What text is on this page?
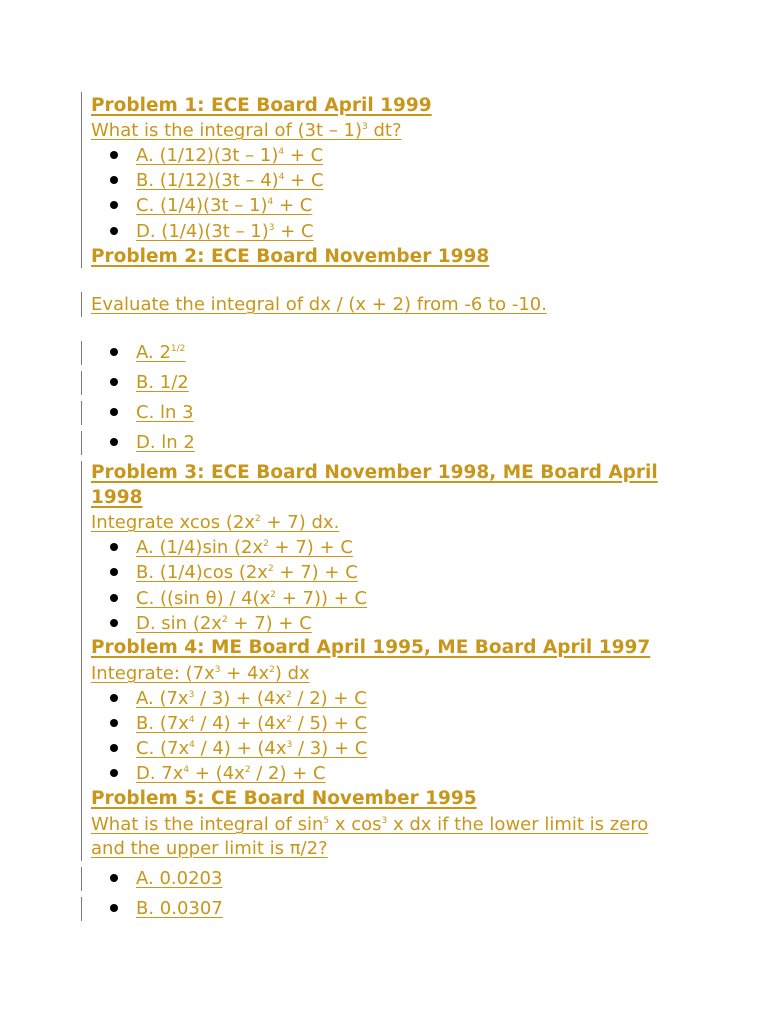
Problem 1: ECE Board April 1999
What is the integral of (3t – 1)$^3$ dt?
A. (1/12)(3t – 1)$^4$ + C
B. (1/12)(3t – 4)$^4$ + C
C. (1/4)(3t – 1)$^4$ + C
D. (1/4)(3t – 1)$^3$ + C
Problem 2: ECE Board November 1998
Evaluate the integral of dx / (x + 2) from -6 to -10.
A. $2^{1/2}$
B. 1/2
C. ln 3
D. ln 2
Problem 3: ECE Board November 1998, ME Board April
1998
Integrate xcos $(2x^2 + 7)$ dx.
A. (1/4)sin $(2x^2 + 7) + C$
B. (1/4)cos $(2x^2 + 7) + C$
C. ((sin $\theta) / 4(x^2 + 7)) + C$
D. $\sin (2x^2 + 7) + C$
Problem 4: ME Board April 1995, ME Board April 1997
Integrate: $(7x^3 + 4x^2)$ dx
A. $(7x^3 / 3) + (4x^2 / 2) + C$
B. $(7x^4 / 4) + (4x^2 / 5) + C$
C. $(7x^4 / 4) + (4x^3 / 3) + C$
D. $7x^4 + (4x^2 / 2) + C$
Problem 5: CE Board November 1995
What is the integral of $\sin^5 x$ $\cos^3 x$ dx if the lower limit is zero
and the upper limit is π/2?
A. 0.0203
B. 0.0307
